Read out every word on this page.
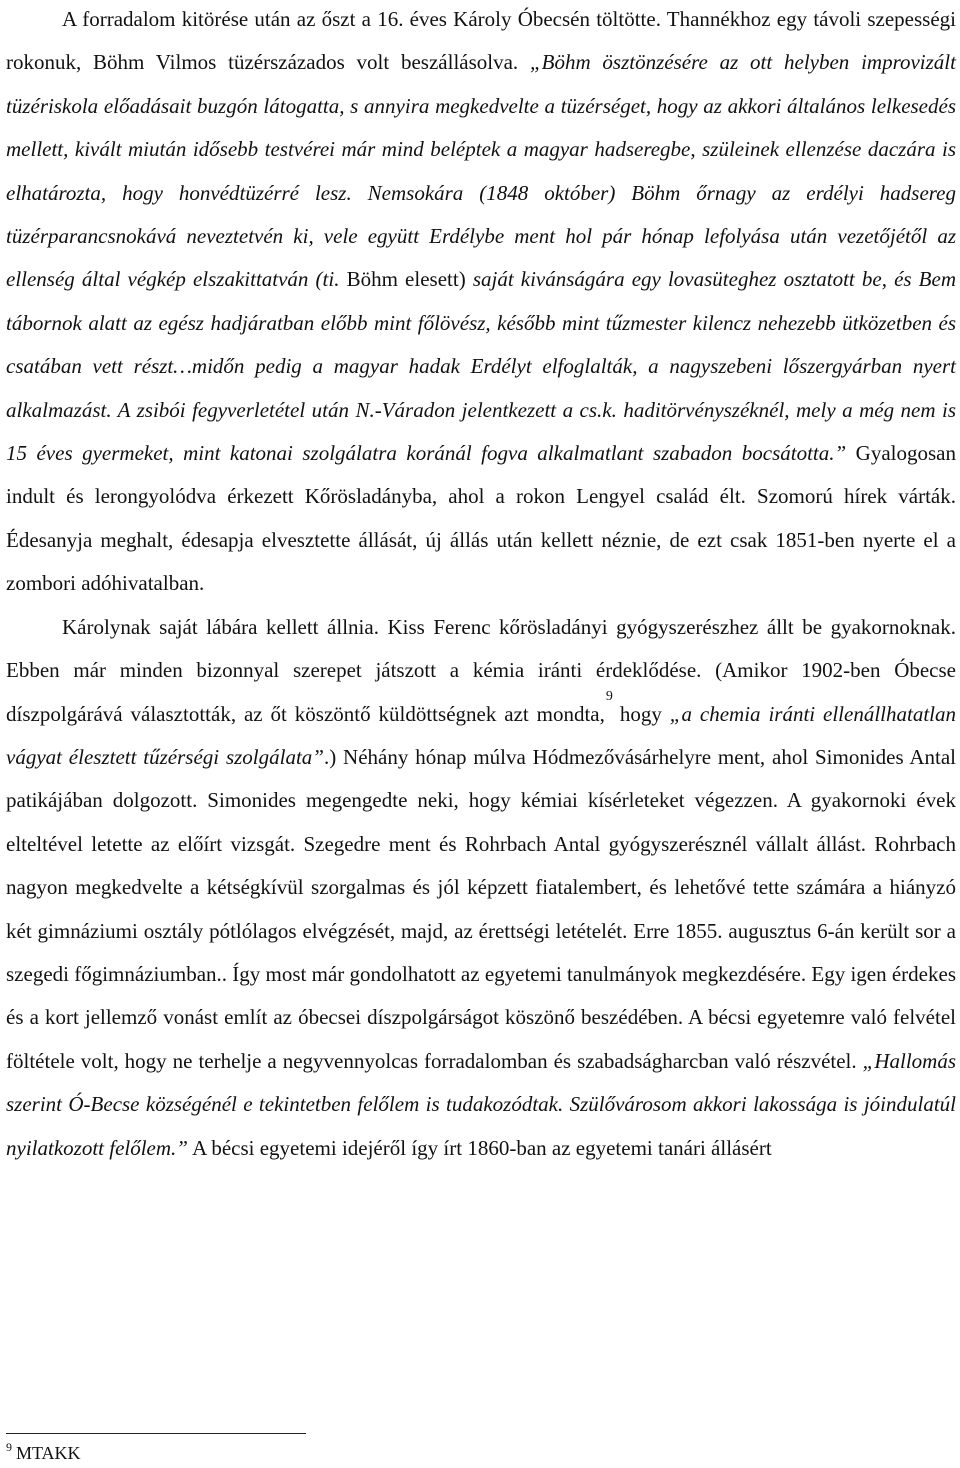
A forradalom kitörése után az őszt a 16. éves Károly Óbecsén töltötte. Thannékhoz egy távoli szepességi rokonuk, Böhm Vilmos tüzérszázados volt beszállásolva. „Böhm ösztönzésére az ott helyben improvizált tüzériskola előadásait buzgón látogatta, s annyira megkedvelte a tüzérséget, hogy az akkori általános lelkesedés mellett, kivált miután idősebb testvérei már mind beléptek a magyar hadseregbe, szüleinek ellenzése daczára is elhatározta, hogy honvédtüzérré lesz. Nemsokára (1848 október) Böhm őrnagy az erdélyi hadsereg tüzérparancsnokává neveztetvén ki, vele együtt Erdélybe ment hol pár hónap lefolyása után vezetőjétől az ellenség által végkép elszakittatván (ti. Böhm elesett) saját kivánságára egy lovasüteghez osztatott be, és Bem tábornok alatt az egész hadjáratban előbb mint főlövész, később mint tűzmester kilencz nehezebb ütközetben és csatában vett részt…midőn pedig a magyar hadak Erdélyt elfoglalták, a nagyszebeni lőszergyárban nyert alkalmazást. A zsibói fegyverletétel után N.-Váradon jelentkezett a cs.k. haditörvényszéknél, mely a még nem is 15 éves gyermeket, mint katonai szolgálatra koránál fogva alkalmatlant szabadon bocsátotta.” Gyalogosan indult és lerongyolódva érkezett Kőrösladányba, ahol a rokon Lengyel család élt. Szomorú hírek várták. Édesanyja meghalt, édesapja elvesztette állását, új állás után kellett néznie, de ezt csak 1851-ben nyerte el a zombori adóhivatalban.

Károlynak saját lábára kellett állnia. Kiss Ferenc kőrösladányi gyógyszerészhez állt be gyakornoknak. Ebben már minden bizonnyal szerepet játszott a kémia iránti érdeklődése. (Amikor 1902-ben Óbecse díszpolgárává választották, az őt köszöntő küldöttségnek azt mondta,$^9$hogy „a chemia iránti ellenállhatatlan vágyat élesztett tűzérségi szolgálata”.) Néhány hónap múlva Hódmezővásárhelyre ment, ahol Simonides Antal patikájában dolgozott. Simonides megengedte neki, hogy kémiai kísérleteket végezzen. A gyakornoki évek elteltével letette az előírt vizsgát. Szegedre ment és Rohrbach Antal gyógyszerésznél vállalt állást. Rohrbach nagyon megkedvelte a kétségkívül szorgalmas és jól képzett fiatalembert, és lehetővé tette számára a hiányzó két gimnáziumi osztály pótlólagos elvégzését, majd, az érettségi letételét. Erre 1855. augusztus 6-án került sor a szegedi főgimnáziumban.. Így most már gondolhatott az egyetemi tanulmányok megkezdésére. Egy igen érdekes és a kort jellemző vonást említ az óbecsei díszpolgárságot köszönő beszédében. A bécsi egyetemre való felvétel föltétele volt, hogy ne terhelje a negyvennyolcas forradalomban és szabadságharcban való részvétel. „Hallomás szerint Ó-Becse községénél e tekintetben felőlem is tudakozódtak. Szülővárosom akkori lakossága is jóindulatúl nyilatkozott felőlem.” A bécsi egyetemi idejéről így írt 1860-ban az egyetemi tanári állásért

$^9$ MTAKK
